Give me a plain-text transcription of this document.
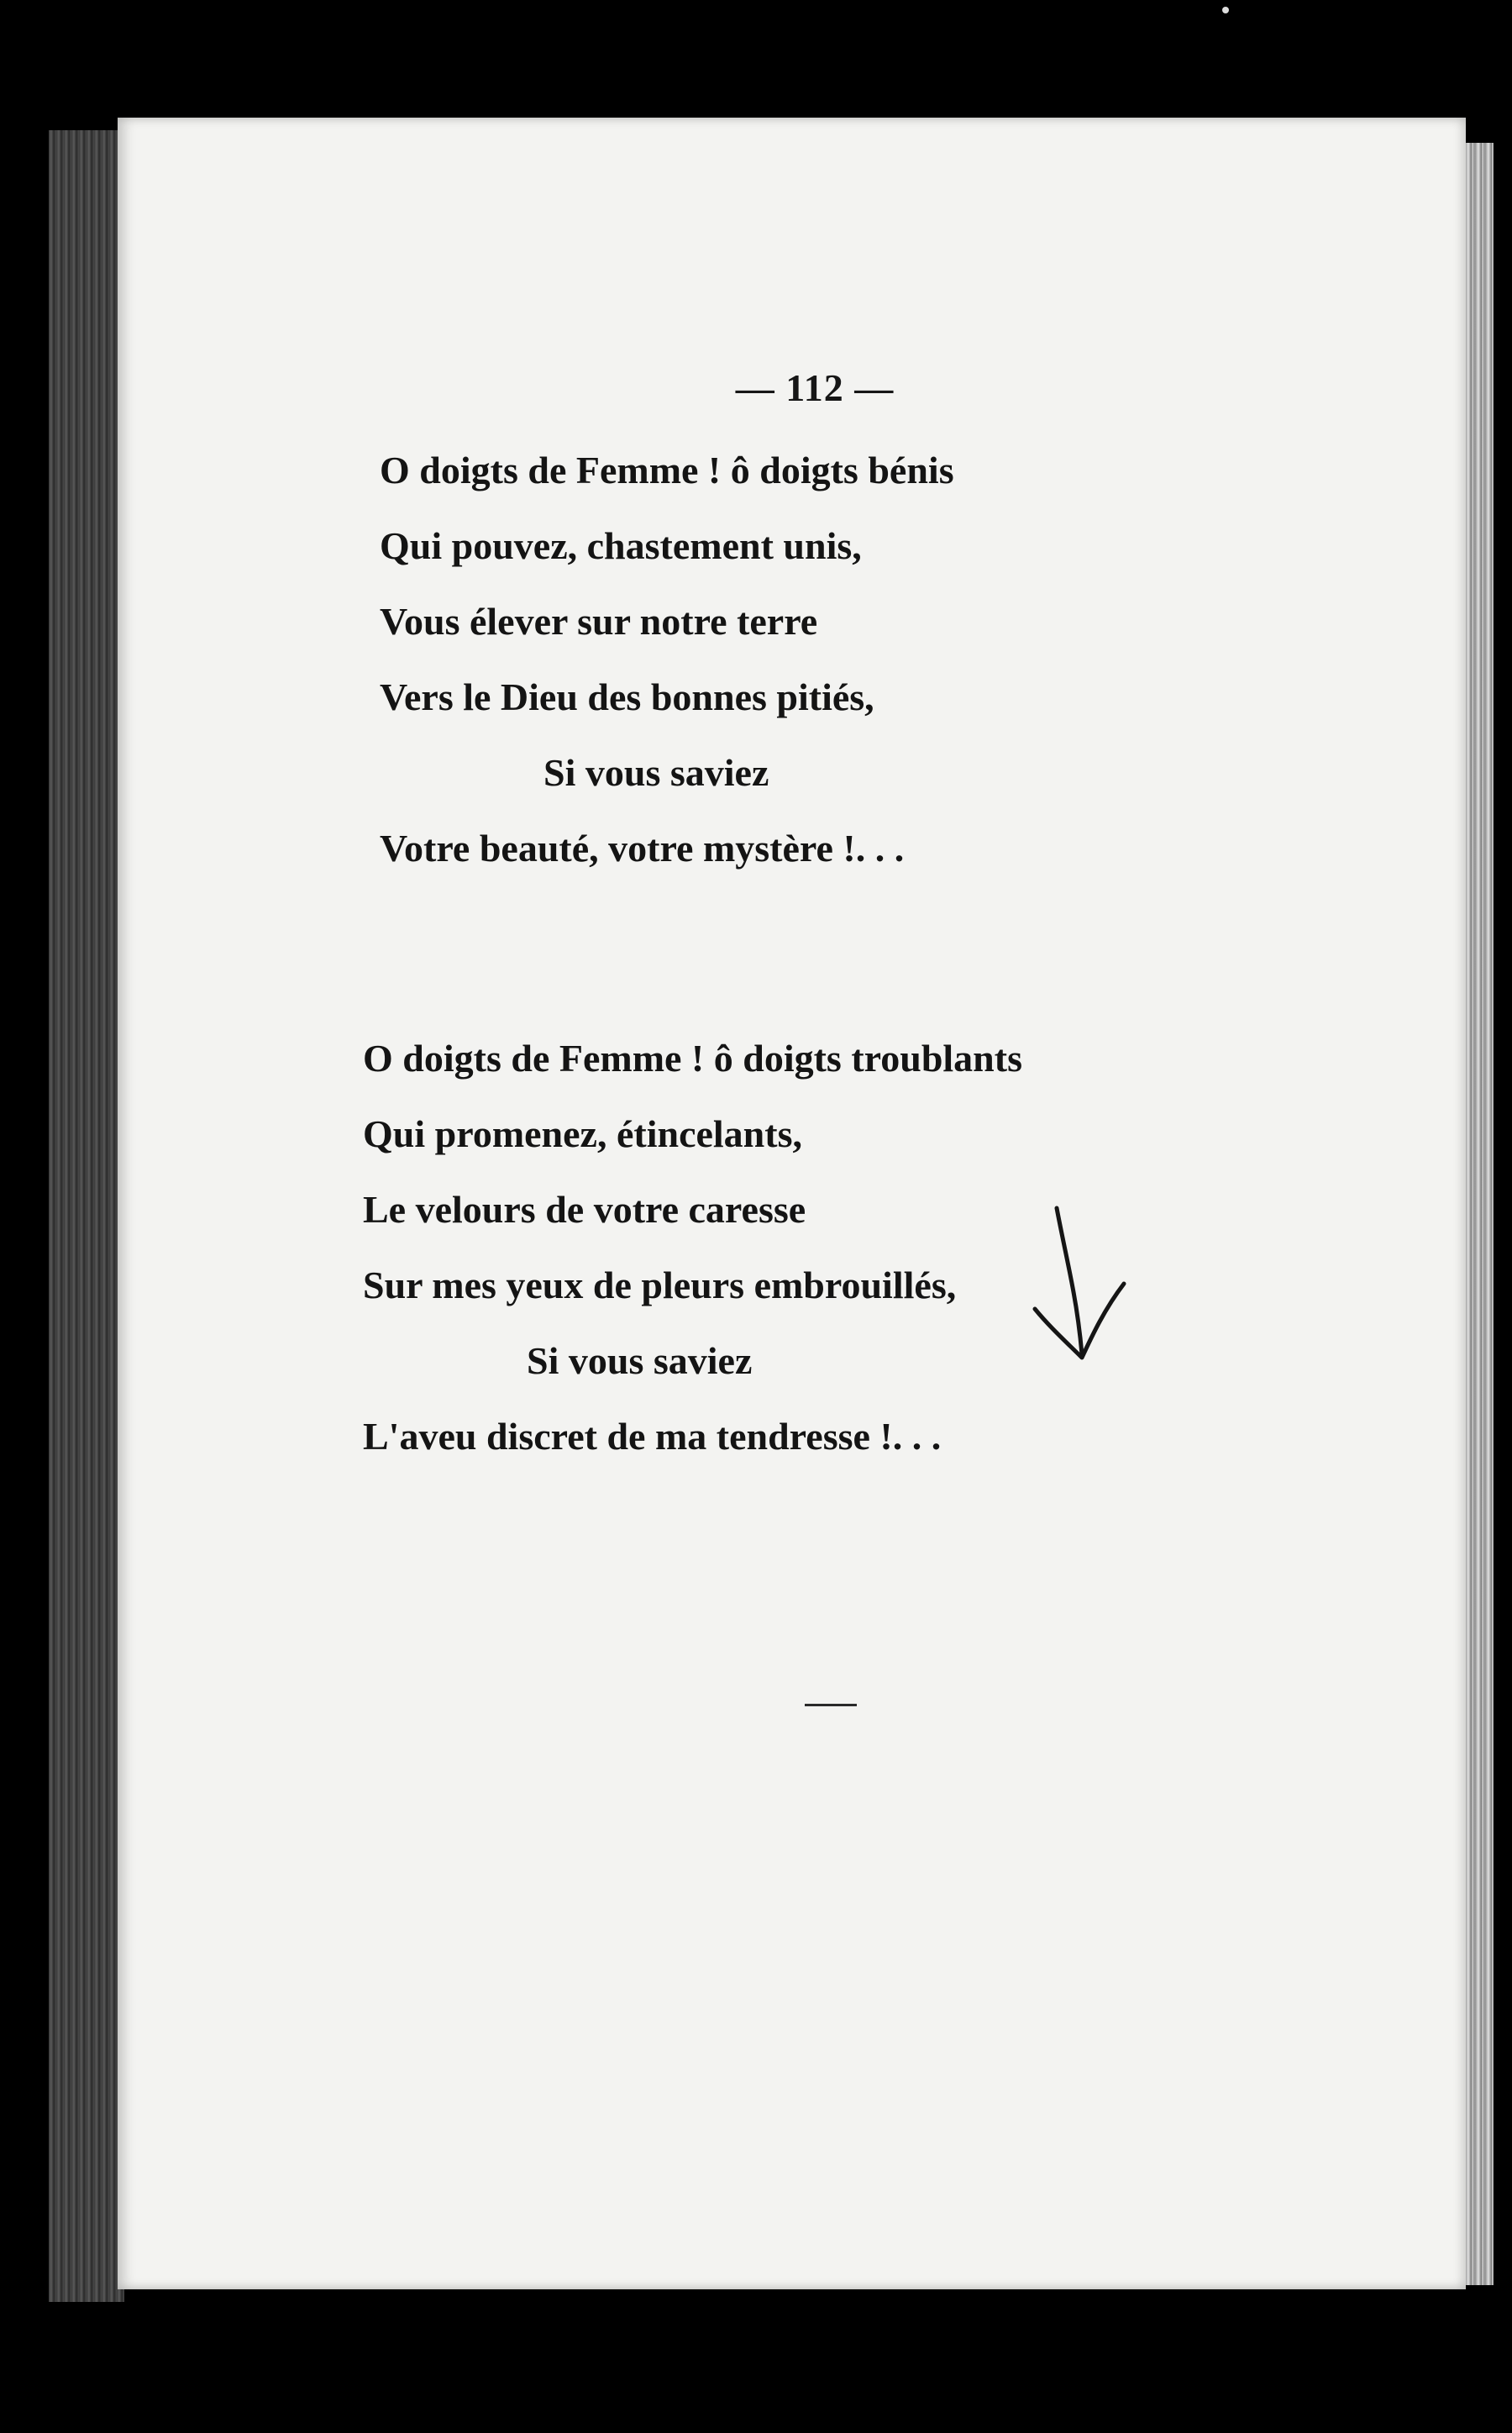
— 112 —
O doigts de Femme ! ô doigts bénis
Qui pouvez, chastement unis,
Vous élever sur notre terre
Vers le Dieu des bonnes pitiés,
Si vous saviez
Votre beauté, votre mystère !. . .
O doigts de Femme ! ô doigts troublants
Qui promenez, étincelants,
Le velours de votre caresse
Sur mes yeux de pleurs embrouillés,
Si vous saviez
L'aveu discret de ma tendresse !. . .
